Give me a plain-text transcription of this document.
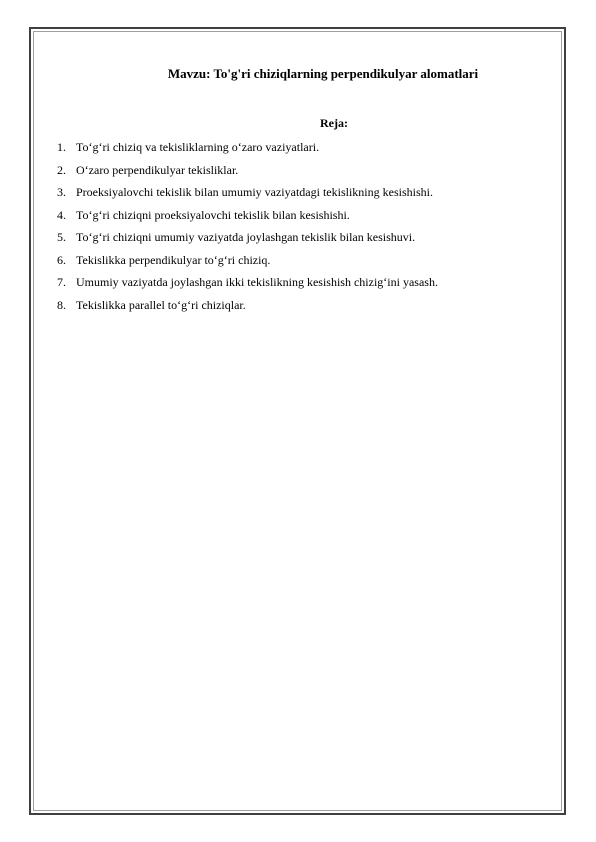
Mavzu: To'g'ri chiziqlarning perpendikulyar alomatlari
Reja:
1. To‘g‘ri chiziq va tekisliklarning o‘zaro vaziyatlari.
2. O‘zaro perpendikulyar tekisliklar.
3. Proeksiyalovchi tekislik bilan umumiy vaziyatdagi tekislikning kesishishi.
4. To‘g‘ri chiziqni proeksiyalovchi tekislik bilan kesishishi.
5. To‘g‘ri chiziqni umumiy vaziyatda joylashgan tekislik bilan kesishuvi.
6. Tekislikka perpendikulyar to‘g‘ri chiziq.
7. Umumiy vaziyatda joylashgan ikki tekislikning kesishish chizig‘ini yasash.
8. Tekislikka parallel to‘g‘ri chiziqlar.
